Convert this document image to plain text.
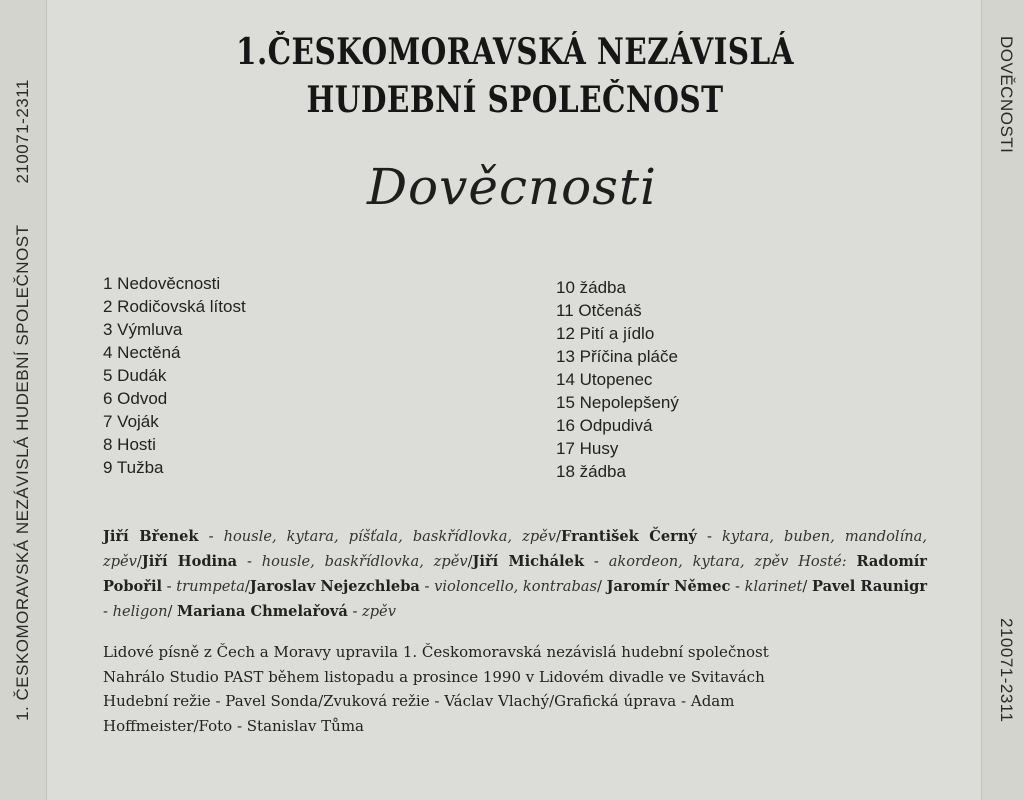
1. ČESKOMORAVSKÁ NEZÁVISLÁ HUDEBNÍ SPOLEČNOST 210071-2311	DOVĚCNOSTI
210071-2311
1.ČESKOMORAVSKÁ NEZÁVISLÁ
HUDEBNÍ SPOLEČNOST
Dověcnosti
1 Nedověcnosti
2 Rodičovská lítost
3 Výmluva
4 Nectěná
5 Dudák
6 Odvod
7 Voják
8 Hosti
9 Tužba
10 žádba
11 Otčenáš
12 Pití a jídlo
13 Příčina pláče
14 Utopenec
15 Nepolepšený
16 Odpudivá
17 Husy
18 žádba
Jiří Břenek - housle, kytara, píšťala, baskřídlovka, zpěv/František Černý - kytara, buben, mandolína, zpěv/Jiří Hodina - housle, baskřídlovka, zpěv/Jiří Michálek - akordeon, kytara, zpěv Hosté: Radomír Pobořil - trumpeta/Jaroslav Nejezchleba - violoncello, kontrabas/ Jaromír Němec - klarinet/ Pavel Raunigr - heligon/ Mariana Chmelařová - zpěv
Lidové písně z Čech a Moravy upravila 1. Českomoravská nezávislá hudební společnost
Nahrálo Studio PAST během listopadu a prosince 1990 v Lidovém divadle ve Svitavách
Hudební režie - Pavel Sonda/Zvuková režie - Václav Vlachý/Grafická úprava - Adam
Hoffmeister/Foto - Stanislav Tůma
